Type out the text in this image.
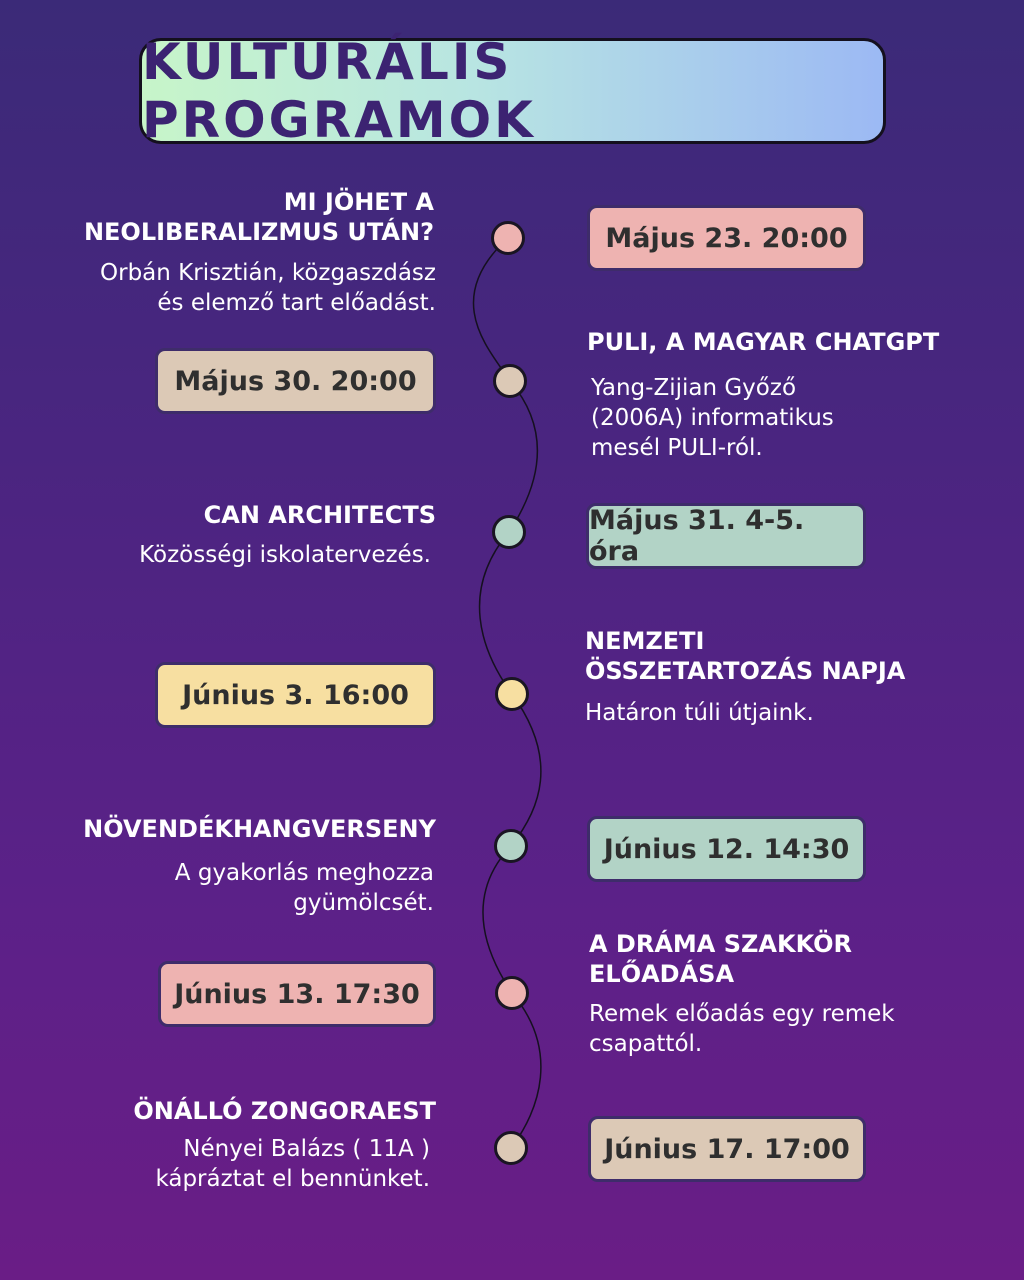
KULTURÁLIS PROGRAMOK
MI JÖHET A
NEOLIBERALIZMUS UTÁN?
Orbán Krisztián, közgaszdász
és elemző tart előadást.
Május 23. 20:00
Május 30. 20:00
PULI, A MAGYAR CHATGPT
Yang-Zijian Győző
(2006A) informatikus
mesél PULI-ról.
CAN ARCHITECTS
Közösségi iskolatervezés.
Május 31. 4-5. óra
Június 3. 16:00
NEMZETI
ÖSSZETARTOZÁS NAPJA
Határon túli útjaink.
NÖVENDÉKHANGVERSENY
A gyakorlás meghozza
gyümölcsét.
Június 12. 14:30
Június 13. 17:30
A DRÁMA SZAKKÖR
ELŐADÁSA
Remek előadás egy remek
csapattól.
ÖNÁLLÓ ZONGORAEST
Nényei Balázs ( 11A )
kápráztat el bennünket.
Június 17. 17:00
